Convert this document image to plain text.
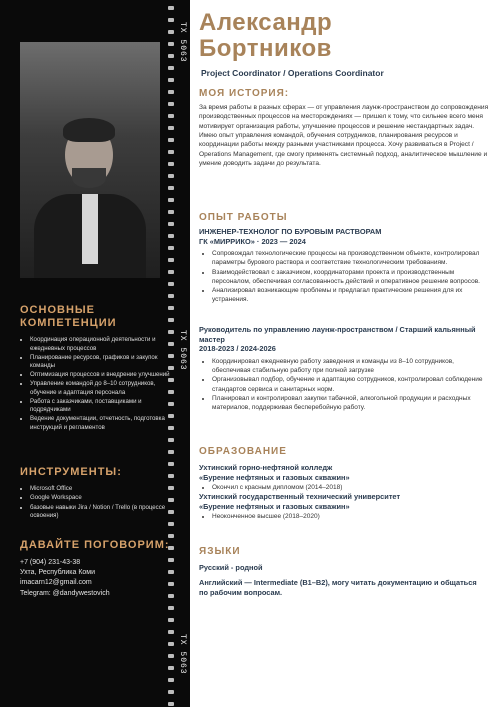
TX 5063
TX 5063
TX 5063
ОСНОВНЫЕ КОМПЕТЕНЦИИ
• Координация операционной деятельности и ежедневных процессов
• Планирование ресурсов, графиков и закупок команды
• Оптимизация процессов и внедрение улучшений
• Управление командой до 8–10 сотрудников, обучение и адаптация персонала
• Работа с заказчиками, поставщиками и подрядчиками
• Ведение документации, отчетность, подготовка инструкций и регламентов
ИНСТРУМЕНТЫ:
• Microsoft Office
• Google Workspace
• базовые навыки Jira / Notion / Trello (в процессе освоения)
ДАВАЙТЕ ПОГОВОРИМ:
+7 (904) 231-43-38
Ухта, Республика Коми
imacarn12@gmail.com
Telegram: @dandywestovich
Александр
Бортников
Project Coordinator / Operations Coordinator
МОЯ ИСТОРИЯ:
За время работы в разных сферах — от управления лаунж-пространством до сопровождения производственных процессов на месторождениях — пришел к тому, что сильнее всего меня мотивирует организация работы, улучшение процессов и решение нестандартных задач. Имею опыт управления командой, обучения сотрудников, планирования ресурсов и координации работы между разными участниками процесса. Хочу развиваться в Project / Operations Management, где смогу применять системный подход, аналитическое мышление и умение доводить задачи до результата.
ОПЫТ РАБОТЫ
ИНЖЕНЕР-ТЕХНОЛОГ ПО БУРОВЫМ РАСТВОРАМ
ГК «МИРРИКО» · 2023 — 2024
• Сопровождал технологические процессы на производственном объекте, контролировал параметры бурового раствора и соответствие технологическим требованиям.
• Взаимодействовал с заказчиком, координаторами проекта и производственным персоналом, обеспечивая согласованность действий и оперативное решение вопросов.
• Анализировал возникающие проблемы и предлагал практические решения для их устранения.
Руководитель по управлению лаунж-пространством / Старший кальянный мастер
2018-2023 / 2024-2026
• Координировал ежедневную работу заведения и команды из 8–10 сотрудников, обеспечивая стабильную работу при полной загрузке
• Организовывал подбор, обучение и адаптацию сотрудников, контролировал соблюдение стандартов сервиса и санитарных норм.
• Планировал и контролировал закупки табачной, алкогольной продукции и расходных материалов, поддерживая бесперебойную работу.
ОБРАЗОВАНИЕ
Ухтинский горно-нефтяной колледж
«Бурение нефтяных и газовых скважин»
• Окончил с красным дипломом (2014–2018)
Ухтинский государственный технический университет
«Бурение нефтяных и газовых скважин»
• Неоконченное высшее (2018–2020)
ЯЗЫКИ
Русский - родной
Английский — Intermediate (B1–B2), могу читать документацию и общаться по рабочим вопросам.
